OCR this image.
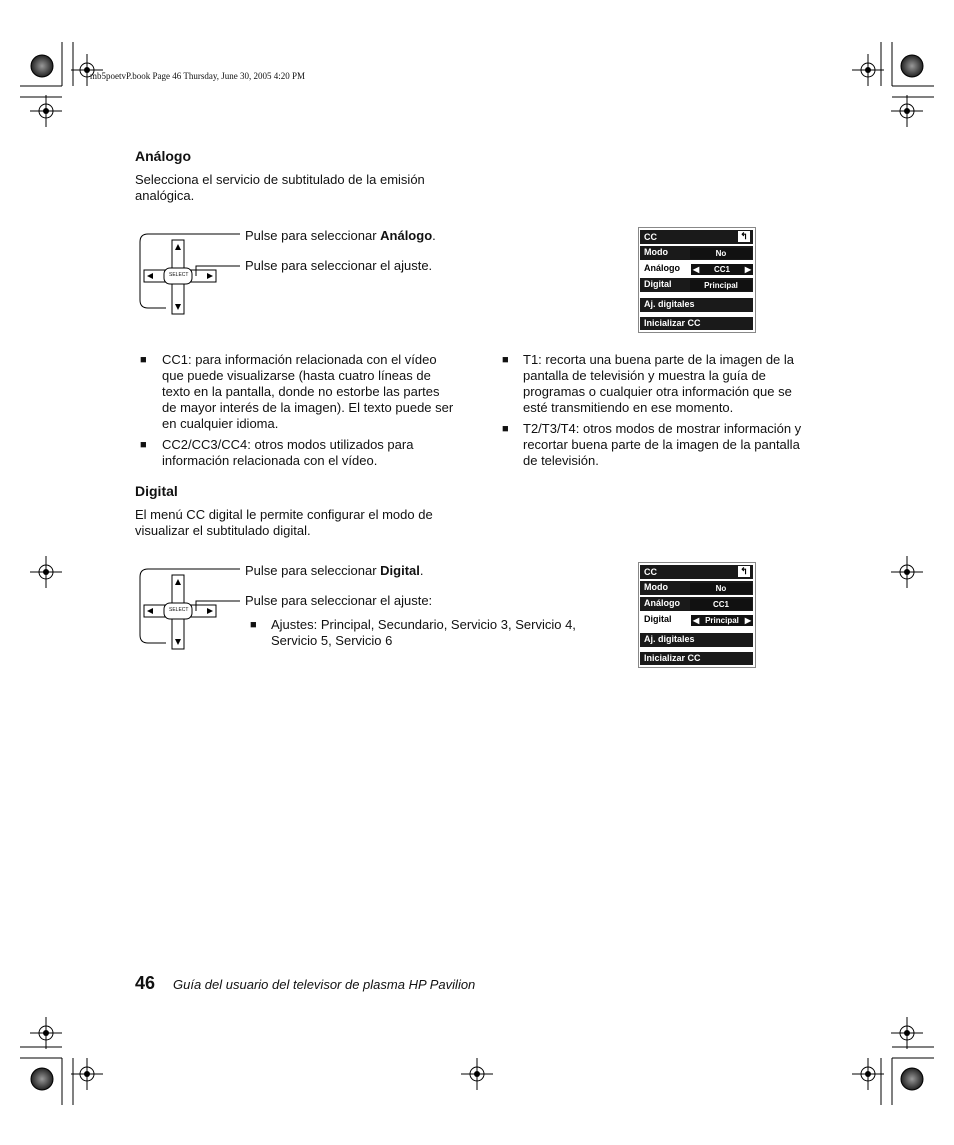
mb5poetvP.book Page 46 Thursday, June 30, 2005 4:20 PM
Análogo
Selecciona el servicio de subtitulado de la emisión
analógica.
SELECT
Pulse para seleccionar Análogo.
Pulse para seleccionar el ajuste.
CC	↰
Modo	No
Análogo ◀ CC1 ▶
Digital	Principal
Aj. digitales
Inicializar CC
■ CC1: para información relacionada con el vídeo
que puede visualizarse (hasta cuatro líneas de
texto en la pantalla, donde no estorbe las partes
de mayor interés de la imagen). El texto puede ser
en cualquier idioma.
■ CC2/CC3/CC4: otros modos utilizados para
información relacionada con el vídeo.
■ T1: recorta una buena parte de la imagen de la
pantalla de televisión y muestra la guía de
programas o cualquier otra información que se
esté transmitiendo en ese momento.
■ T2/T3/T4: otros modos de mostrar información y
recortar buena parte de la imagen de la pantalla
de televisión.
Digital
El menú CC digital le permite configurar el modo de
visualizar el subtitulado digital.
SELECT
Pulse para seleccionar Digital.
Pulse para seleccionar el ajuste:
■ Ajustes: Principal, Secundario, Servicio 3, Servicio 4,
Servicio 5, Servicio 6
CC	↰
Modo	No
Análogo	CC1
Digital	◀ Principal ▶
Aj. digitales
Inicializar CC
46 Guía del usuario del televisor de plasma HP Pavilion
